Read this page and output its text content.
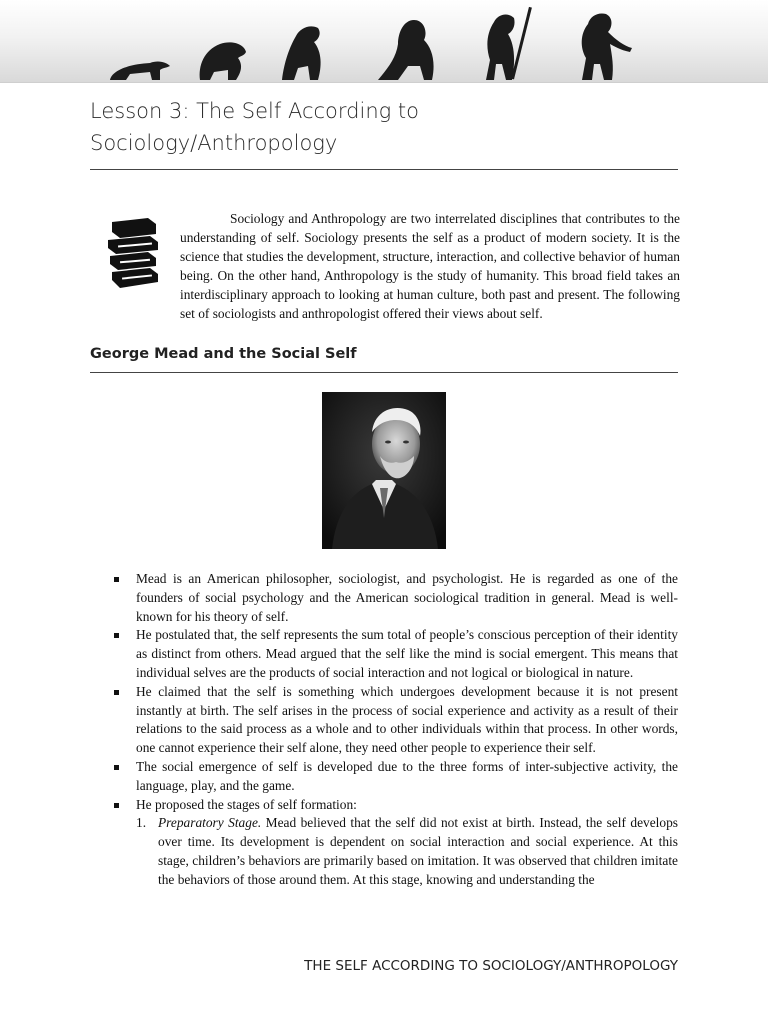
Lesson 3: The Self According to
Sociology/Anthropology

Sociology and Anthropology are two interrelated disciplines that contributes to the understanding of self. Sociology presents the self as a product of modern society. It is the science that studies the development, structure, interaction, and collective behavior of human being. On the other hand, Anthropology is the study of humanity. This broad field takes an interdisciplinary approach to looking at human culture, both past and present. The following set of sociologists and anthropologist offered their views about self.

George Mead and the Social Self
Mead is an American philosopher, sociologist, and psychologist. He is regarded as one of the founders of social psychology and the American sociological tradition in general. Mead is well-known for his theory of self.
He postulated that, the self represents the sum total of people’s conscious perception of their identity as distinct from others. Mead argued that the self like the mind is social emergent. This means that individual selves are the products of social interaction and not logical or biological in nature.
He claimed that the self is something which undergoes development because it is not present instantly at birth. The self arises in the process of social experience and activity as a result of their relations to the said process as a whole and to other individuals within that process. In other words, one cannot experience their self alone, they need other people to experience their self.
The social emergence of self is developed due to the three forms of inter-subjective activity, the language, play, and the game.
He proposed the stages of self formation:
1. Preparatory Stage. Mead believed that the self did not exist at birth. Instead, the self develops over time. Its development is dependent on social interaction and social experience. At this stage, children’s behaviors are primarily based on imitation. It was observed that children imitate the behaviors of those around them. At this stage, knowing and understanding the

THE SELF ACCORDING TO SOCIOLOGY/ANTHROPOLOGY
